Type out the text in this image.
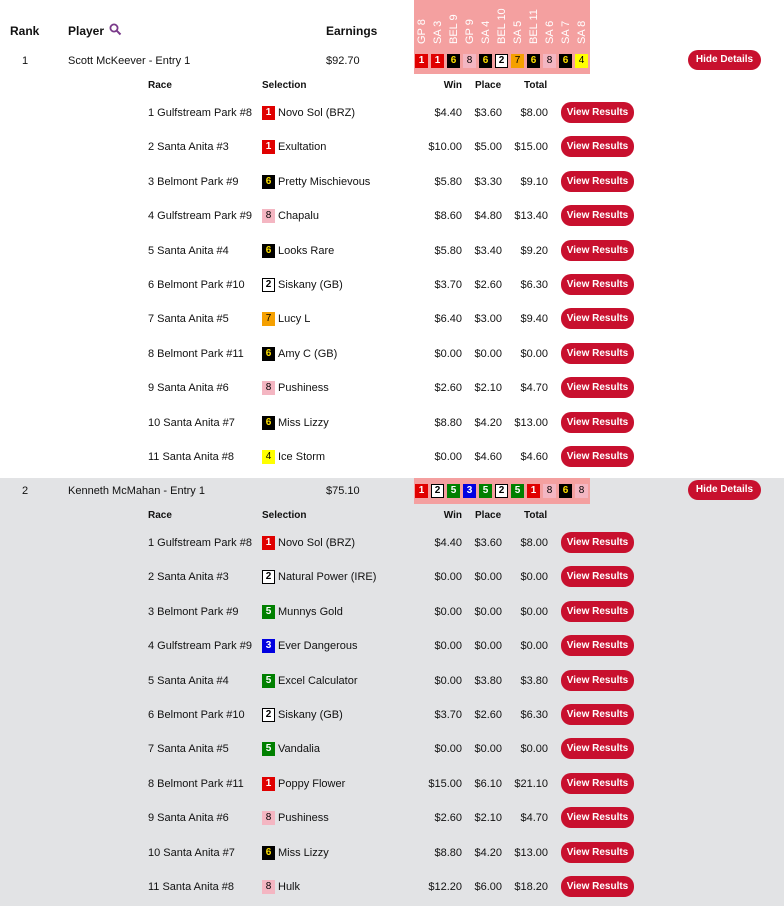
Rank Player	Earnings	GP 8 SA 3 BEL 9 GP 9 SA 4 BEL 10 SA 5 BEL 11 SA 6 SA 7 SA 8
1	Scott McKeever - Entry 1	$92.70	1	1	6	8	6	2	7	6	8	6	4	Hide Details
Race	Selection	Win Place Total
1 Gulfstream Park #8	1 Novo Sol (BRZ)	$4.40	$3.60	$8.00	View Results
2 Santa Anita #3	1 Exultation	$10.00	$5.00	$15.00	View Results
3 Belmont Park #9	6 Pretty Mischievous	$5.80	$3.30	$9.10	View Results
4 Gulfstream Park #9	8 Chapalu	$8.60	$4.80	$13.40	View Results
5 Santa Anita #4	6 Looks Rare	$5.80	$3.40	$9.20	View Results
6 Belmont Park #10	2 Siskany (GB)	$3.70	$2.60	$6.30	View Results
7 Santa Anita #5	7 Lucy L	$6.40	$3.00	$9.40	View Results
8 Belmont Park #11	6 Amy C (GB)	$0.00	$0.00	$0.00	View Results
9 Santa Anita #6	8 Pushiness	$2.60	$2.10	$4.70	View Results
10 Santa Anita #7	6 Miss Lizzy	$8.80	$4.20	$13.00	View Results
11 Santa Anita #8	4 Ice Storm	$0.00	$4.60	$4.60	View Results
2	Kenneth McMahan - Entry 1	$75.10	1	2	5	3	5	2	5	1	8	6	8	Hide Details
Race	Selection	Win Place Total
1 Gulfstream Park #8	1 Novo Sol (BRZ)	$4.40	$3.60	$8.00	View Results
2 Santa Anita #3	2 Natural Power (IRE)	$0.00	$0.00	$0.00	View Results
3 Belmont Park #9	5 Munnys Gold	$0.00	$0.00	$0.00	View Results
4 Gulfstream Park #9	3 Ever Dangerous	$0.00	$0.00	$0.00	View Results
5 Santa Anita #4	5 Excel Calculator	$0.00	$3.80	$3.80	View Results
6 Belmont Park #10	2 Siskany (GB)	$3.70	$2.60	$6.30	View Results
7 Santa Anita #5	5 Vandalia	$0.00	$0.00	$0.00	View Results
8 Belmont Park #11	1 Poppy Flower	$15.00	$6.10	$21.10	View Results
9 Santa Anita #6	8 Pushiness	$2.60	$2.10	$4.70	View Results
10 Santa Anita #7	6 Miss Lizzy	$8.80	$4.20	$13.00	View Results
11 Santa Anita #8	8 Hulk	$12.20	$6.00	$18.20	View Results
